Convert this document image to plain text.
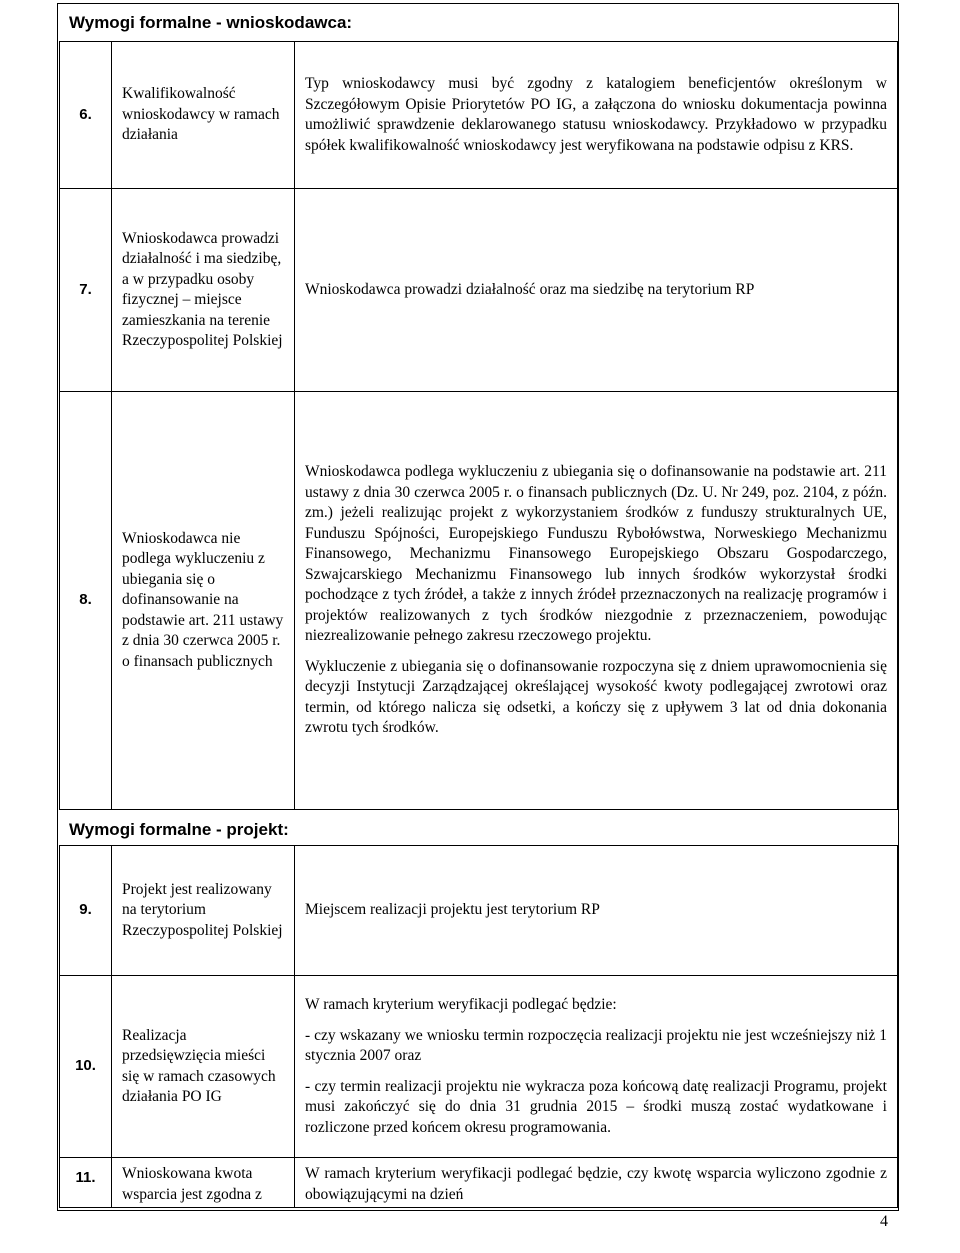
Wymogi formalne - wnioskodawca:
6.	Kwalifikowalność wnioskodawcy w ramach działania	Typ wnioskodawcy musi być zgodny z katalogiem beneficjentów określonym w Szczegółowym Opisie Priorytetów PO IG, a załączona do wniosku dokumentacja powinna umożliwić sprawdzenie deklarowanego statusu wnioskodawcy. Przykładowo w przypadku spółek kwalifikowalność wnioskodawcy jest weryfikowana na podstawie odpisu z KRS.
7.	Wnioskodawca prowadzi działalność i ma siedzibę, a w przypadku osoby fizycznej – miejsce zamieszkania na terenie Rzeczypospolitej Polskiej	Wnioskodawca prowadzi działalność oraz ma siedzibę na terytorium RP
8.	Wnioskodawca nie podlega wykluczeniu z ubiegania się o dofinansowanie na podstawie art. 211 ustawy z dnia 30 czerwca 2005 r. o finansach publicznych	Wnioskodawca podlega wykluczeniu z ubiegania się o dofinansowanie na podstawie art. 211 ustawy z dnia 30 czerwca 2005 r. o finansach publicznych (Dz. U. Nr 249, poz. 2104, z późn. zm.) jeżeli realizując projekt z wykorzystaniem środków z funduszy strukturalnych UE, Funduszu Spójności, Europejskiego Funduszu Rybołówstwa, Norweskiego Mechanizmu Finansowego, Mechanizmu Finansowego Europejskiego Obszaru Gospodarczego, Szwajcarskiego Mechanizmu Finansowego lub innych środków wykorzystał środki pochodzące z tych źródeł, a także z innych źródeł przeznaczonych na realizację programów i projektów realizowanych z tych środków niezgodnie z przeznaczeniem, powodując niezrealizowanie pełnego zakresu rzeczowego projektu.
Wykluczenie z ubiegania się o dofinansowanie rozpoczyna się z dniem uprawomocnienia się decyzji Instytucji Zarządzającej określającej wysokość kwoty podlegającej zwrotowi oraz termin, od którego nalicza się odsetki, a kończy się z upływem 3 lat od dnia dokonania zwrotu tych środków.
Wymogi formalne - projekt:
9.	Projekt jest realizowany na terytorium Rzeczypospolitej Polskiej	Miejscem realizacji projektu jest terytorium RP
10.	Realizacja przedsięwzięcia mieści się w ramach czasowych działania PO IG	W ramach kryterium weryfikacji podlegać będzie:
- czy wskazany we wniosku termin rozpoczęcia realizacji projektu nie jest wcześniejszy niż 1 stycznia 2007 oraz
- czy termin realizacji projektu nie wykracza poza końcową datę realizacji Programu, projekt musi zakończyć się do dnia 31 grudnia 2015 – środki muszą zostać wydatkowane i rozliczone przed końcem okresu programowania.

11.	Wnioskowana kwota wsparcia jest zgodna z	W ramach kryterium weryfikacji podlegać będzie, czy kwotę wsparcia wyliczono zgodnie z obowiązującymi na dzień
4
